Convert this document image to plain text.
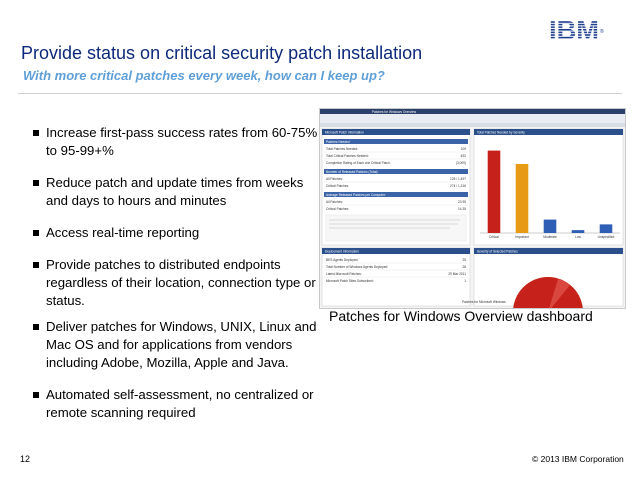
®
Provide status on critical security patch installation
With more critical patches every week, how can I keep up?
Increase first-pass success rates from 60-75% to 95-99+%
Reduce patch and update times from weeks and days to hours and minutes
Access real-time reporting
Provide patches to distributed endpoints regardless of their location, connection type or status.
Deliver patches for Windows, UNIX, Linux and Mac OS and for applications from vendors including Adobe, Mozilla, Apple and Java.
Automated self-assessment, no centralized or remote scanning required
Patches for Windows Overview
Microsoft Patch Information
Patches Needed
Total Patches Needed:	100
Total Critical Patches Needed:	492
Completion Rating of Each one Critical Patch:	(3,009)
Number of Released Patches (Total):
All Patches:	125 / 1,497
Critical Patches:	274 / 1,316
Average Released Patches per Computer:
All Patches:	23.95
Critical Patches:	14.35
Total Patches Needed by Severity
Critical	Important	Moderate	Low	Unspecified
Deployment Information
BES Agents Deployed:	25
Total Number of Windows Agents Deployed:	28
Latest Microsoft Patches:	29 Mar 2011
Microsoft Patch Sites Subscribed:	1
Severity of Selected Patches
Patches for Microsoft Windows
Patches for Windows Overview dashboard
12	© 2013 IBM Corporation
